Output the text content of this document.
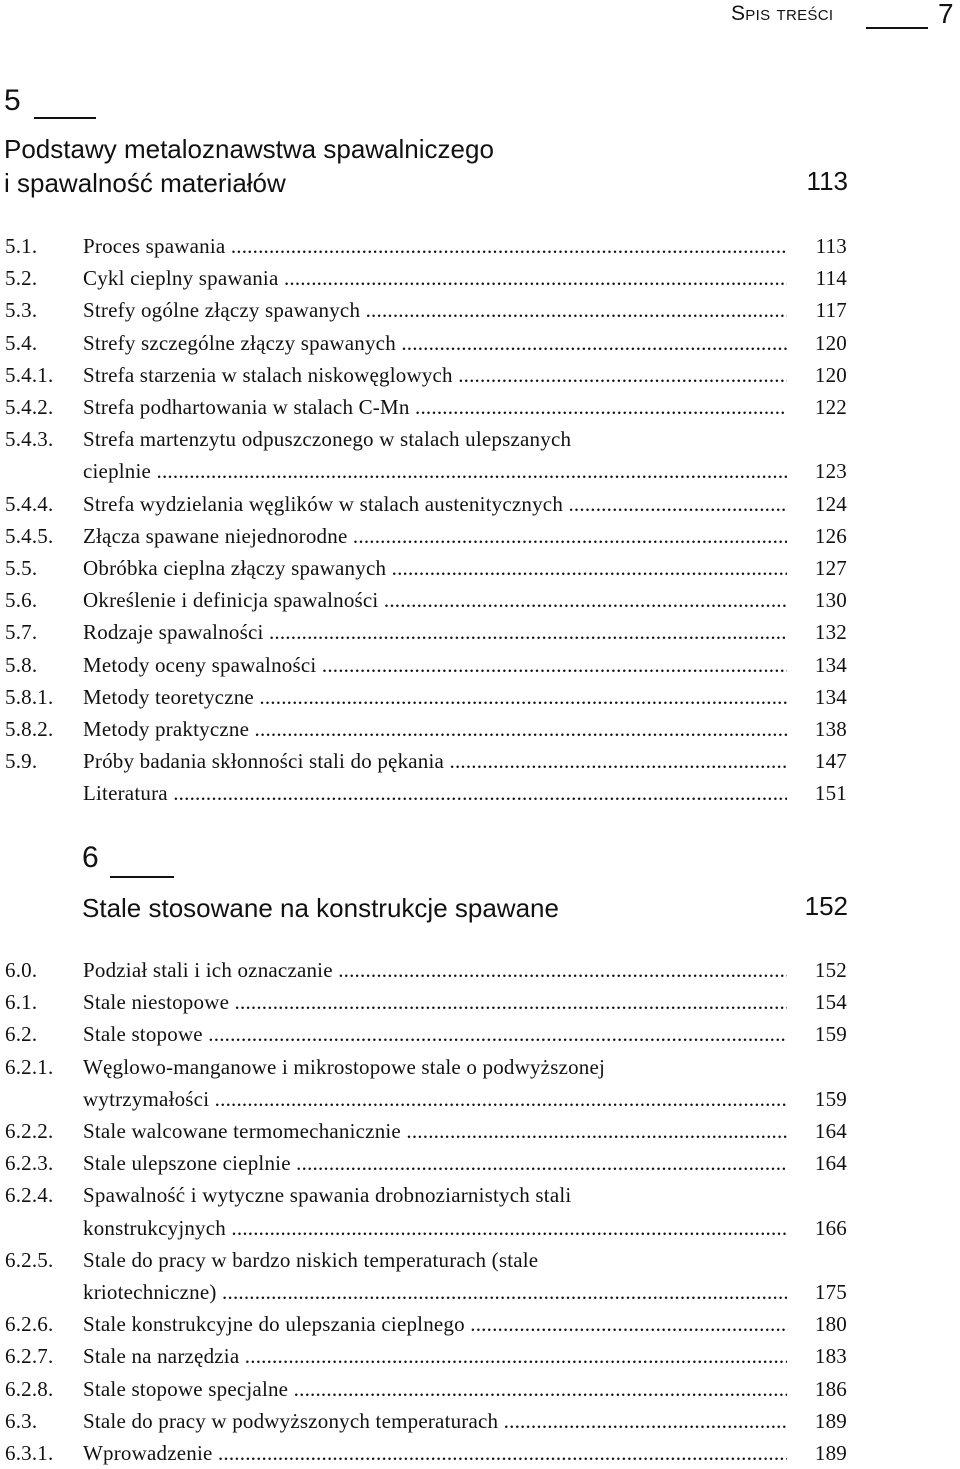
Spis treści	7
5
Podstawy metaloznawstwa spawalniczego
i spawalność materiałów	113
5.1. Proces spawania .....	113
5.2. Cykl cieplny spawania .....	114
5.3. Strefy ogólne złączy spawanych .....	117
5.4. Strefy szczególne złączy spawanych .....	120
5.4.1. Strefa starzenia w stalach niskowęglowych .....	120
5.4.2. Strefa podhartowania w stalach C-Mn .....	122
5.4.3. Strefa martenzytu odpuszczonego w stalach ulepszanych
cieplnie .....	123
5.4.4. Strefa wydzielania węglików w stalach austenitycznych .....	124
5.4.5. Złącza spawane niejednorodne .....	126
5.5. Obróbka cieplna złączy spawanych .....	127
5.6. Określenie i definicja spawalności .....	130
5.7. Rodzaje spawalności .....	132
5.8. Metody oceny spawalności .....	134
5.8.1. Metody teoretyczne .....	134
5.8.2. Metody praktyczne .....	138
5.9. Próby badania skłonności stali do pękania .....	147
Literatura .....	151
6
Stale stosowane na konstrukcje spawane	152
6.0. Podział stali i ich oznaczanie .....	152
6.1. Stale niestopowe .....	154
6.2. Stale stopowe .....	159
6.2.1. Węglowo-manganowe i mikrostopowe stale o podwyższonej
wytrzymałości .....	159
6.2.2. Stale walcowane termomechanicznie .....	164
6.2.3. Stale ulepszone cieplnie .....	164
6.2.4. Spawalność i wytyczne spawania drobnoziarnistych stali
konstrukcyjnych .....	166
6.2.5. Stale do pracy w bardzo niskich temperaturach (stale
kriotechniczne) .....	175
6.2.6. Stale konstrukcyjne do ulepszania cieplnego .....	180
6.2.7. Stale na narzędzia .....	183
6.2.8. Stale stopowe specjalne .....	186
6.3. Stale do pracy w podwyższonych temperaturach .....	189
6.3.1. Wprowadzenie .....	189
